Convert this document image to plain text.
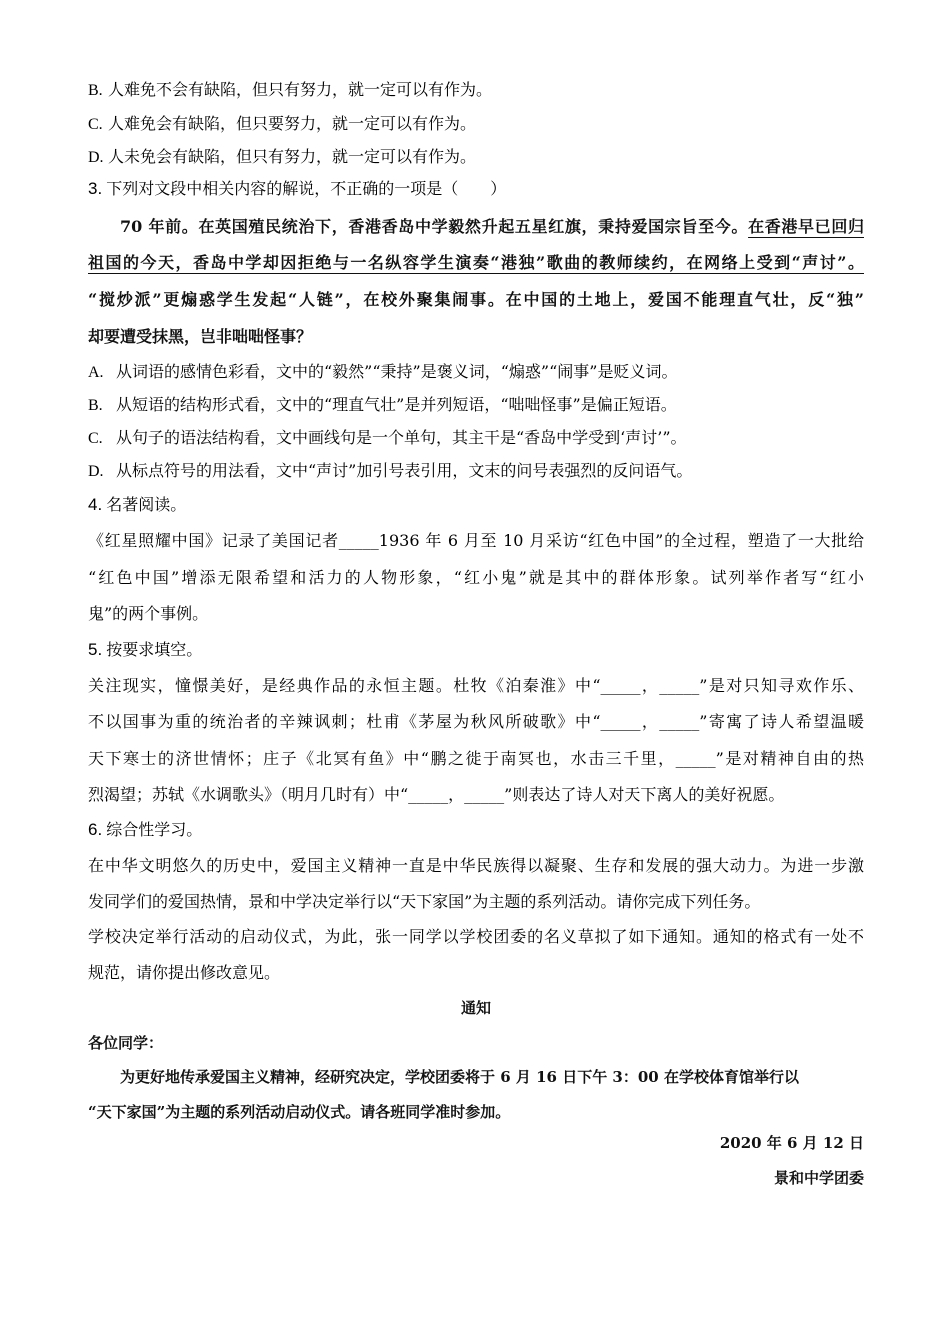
B. 人难免不会有缺陷，但只有努力，就一定可以有作为。
C. 人难免会有缺陷，但只要努力，就一定可以有作为。
D. 人未免会有缺陷，但只有努力，就一定可以有作为。
3. 下列对文段中相关内容的解说，不正确的一项是（　　）
70 年前。在英国殖民统治下，香港香岛中学毅然升起五星红旗，秉持爱国宗旨至今。在香港早已回归
祖国的今天，香岛中学却因拒绝与一名纵容学生演奏“港独”歌曲的教师续约，在网络上受到“声讨”。
“搅炒派”更煽惑学生发起“人链”，在校外聚集闹事。在中国的土地上，爱国不能理直气壮，反“独”
却要遭受抹黑，岂非咄咄怪事？
A. 从词语的感情色彩看，文中的“毅然”“秉持”是褒义词，“煽惑”“闹事”是贬义词。
B. 从短语的结构形式看，文中的“理直气壮”是并列短语，“咄咄怪事”是偏正短语。
C. 从句子的语法结构看，文中画线句是一个单句，其主干是“香岛中学受到‘声讨’”。
D. 从标点符号的用法看，文中“声讨”加引号表引用，文末的问号表强烈的反问语气。
4. 名著阅读。
《红星照耀中国》记录了美国记者_____1936 年 6 月至 10 月采访“红色中国”的全过程，塑造了一大批给
“红色中国”增添无限希望和活力的人物形象，“红小鬼”就是其中的群体形象。试列举作者写“红小
鬼”的两个事例。
5. 按要求填空。
关注现实，憧憬美好，是经典作品的永恒主题。杜牧《泊秦淮》中“_____，_____”是对只知寻欢作乐、
不以国事为重的统治者的辛辣讽刺；杜甫《茅屋为秋风所破歌》中“_____，_____”寄寓了诗人希望温暖
天下寒士的济世情怀；庄子《北冥有鱼》中“鹏之徙于南冥也，水击三千里，_____”是对精神自由的热
烈渴望；苏轼《水调歌头》（明月几时有）中“_____，_____”则表达了诗人对天下离人的美好祝愿。
6. 综合性学习。
在中华文明悠久的历史中，爱国主义精神一直是中华民族得以凝聚、生存和发展的强大动力。为进一步激
发同学们的爱国热情，景和中学决定举行以“天下家国”为主题的系列活动。请你完成下列任务。
学校决定举行活动的启动仪式，为此，张一同学以学校团委的名义草拟了如下通知。通知的格式有一处不
规范，请你提出修改意见。
通知
各位同学：
为更好地传承爱国主义精神，经研究决定，学校团委将于 6 月 16 日下午 3：00 在学校体育馆举行以
“天下家国”为主题的系列活动启动仪式。请各班同学准时参加。
2020 年 6 月 12 日
景和中学团委
